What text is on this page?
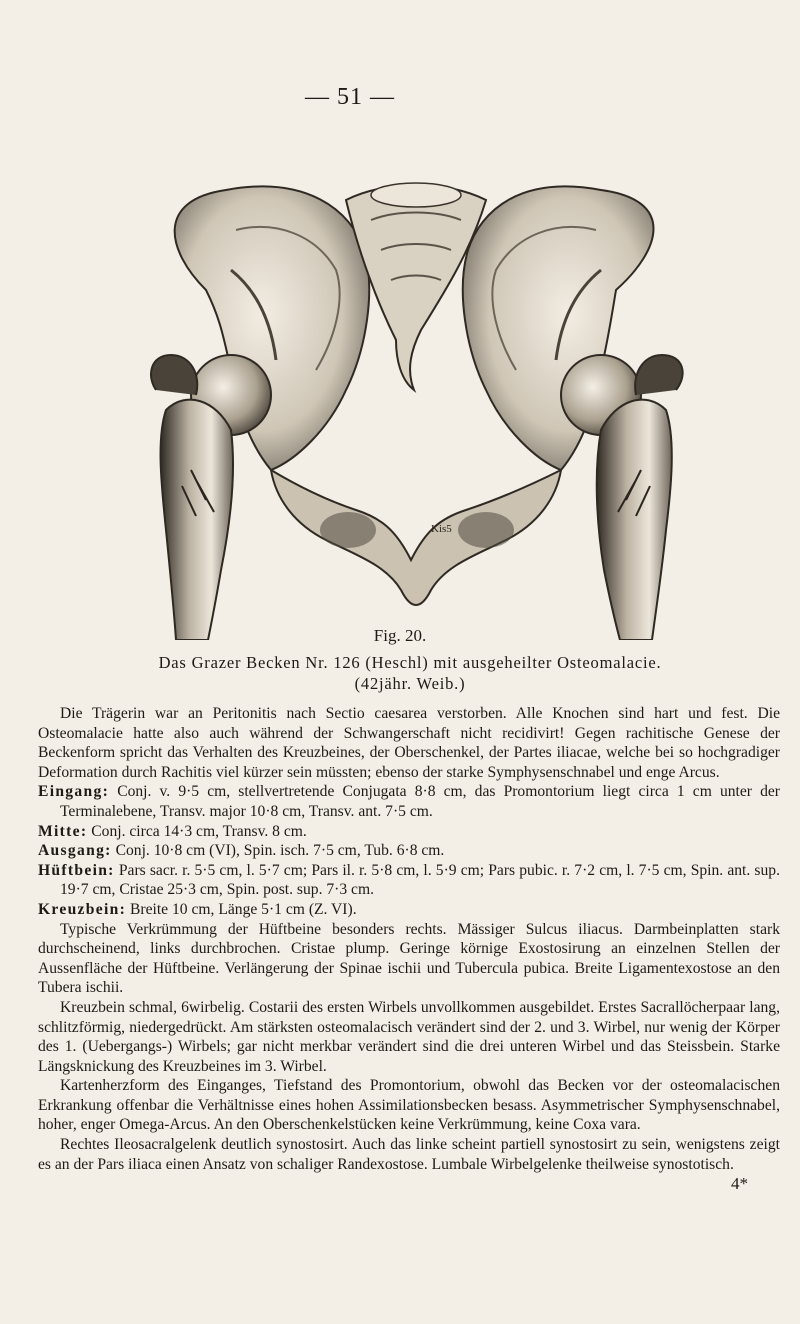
— 51 —
Kis5
Fig. 20.
Das Grazer Becken Nr. 126 (Heschl) mit ausgeheilter Osteomalacie.
(42jähr. Weib.)

Die Trägerin war an Peritonitis nach Sectio caesarea verstorben. Alle Knochen sind hart und fest. Die Osteomalacie hatte also auch während der Schwangerschaft nicht recidivirt! Gegen rachitische Genese der Beckenform spricht das Verhalten des Kreuzbeines, der Oberschenkel, der Partes iliacae, welche bei so hochgradiger Deformation durch Rachitis viel kürzer sein müssten; ebenso der starke Symphysenschnabel und enge Arcus.

Eingang: Conj. v. 9·5 cm, stellvertretende Conjugata 8·8 cm, das Promontorium liegt circa 1 cm unter der Terminalebene, Transv. major 10·8 cm, Transv. ant. 7·5 cm.

Mitte: Conj. circa 14·3 cm, Transv. 8 cm.

Ausgang: Conj. 10·8 cm (VI), Spin. isch. 7·5 cm, Tub. 6·8 cm.

Hüftbein: Pars sacr. r. 5·5 cm, l. 5·7 cm; Pars il. r. 5·8 cm, l. 5·9 cm; Pars pubic. r. 7·2 cm, l. 7·5 cm, Spin. ant. sup. 19·7 cm, Cristae 25·3 cm, Spin. post. sup. 7·3 cm.

Kreuzbein: Breite 10 cm, Länge 5·1 cm (Z. VI).

Typische Verkrümmung der Hüftbeine besonders rechts. Mässiger Sulcus iliacus. Darmbeinplatten stark durchscheinend, links durchbrochen. Cristae plump. Geringe körnige Exostosirung an einzelnen Stellen der Aussenfläche der Hüftbeine. Verlängerung der Spinae ischii und Tubercula pubica. Breite Ligamentexostose an den Tubera ischii.

Kreuzbein schmal, 6wirbelig. Costarii des ersten Wirbels unvollkommen ausgebildet. Erstes Sacrallöcherpaar lang, schlitzförmig, niedergedrückt. Am stärksten osteomalacisch verändert sind der 2. und 3. Wirbel, nur wenig der Körper des 1. (Uebergangs-) Wirbels; gar nicht merkbar verändert sind die drei unteren Wirbel und das Steissbein. Starke Längsknickung des Kreuzbeines im 3. Wirbel.

Kartenherzform des Einganges, Tiefstand des Promontorium, obwohl das Becken vor der osteomalacischen Erkrankung offenbar die Verhältnisse eines hohen Assimilationsbecken besass. Asymmetrischer Symphysenschnabel, hoher, enger Omega-Arcus. An den Oberschenkelstücken keine Verkrümmung, keine Coxa vara.

Rechtes Ileosacralgelenk deutlich synostosirt. Auch das linke scheint partiell synostosirt zu sein, wenigstens zeigt es an der Pars iliaca einen Ansatz von schaliger Randexostose. Lumbale Wirbelgelenke theilweise synostotisch.

4*
